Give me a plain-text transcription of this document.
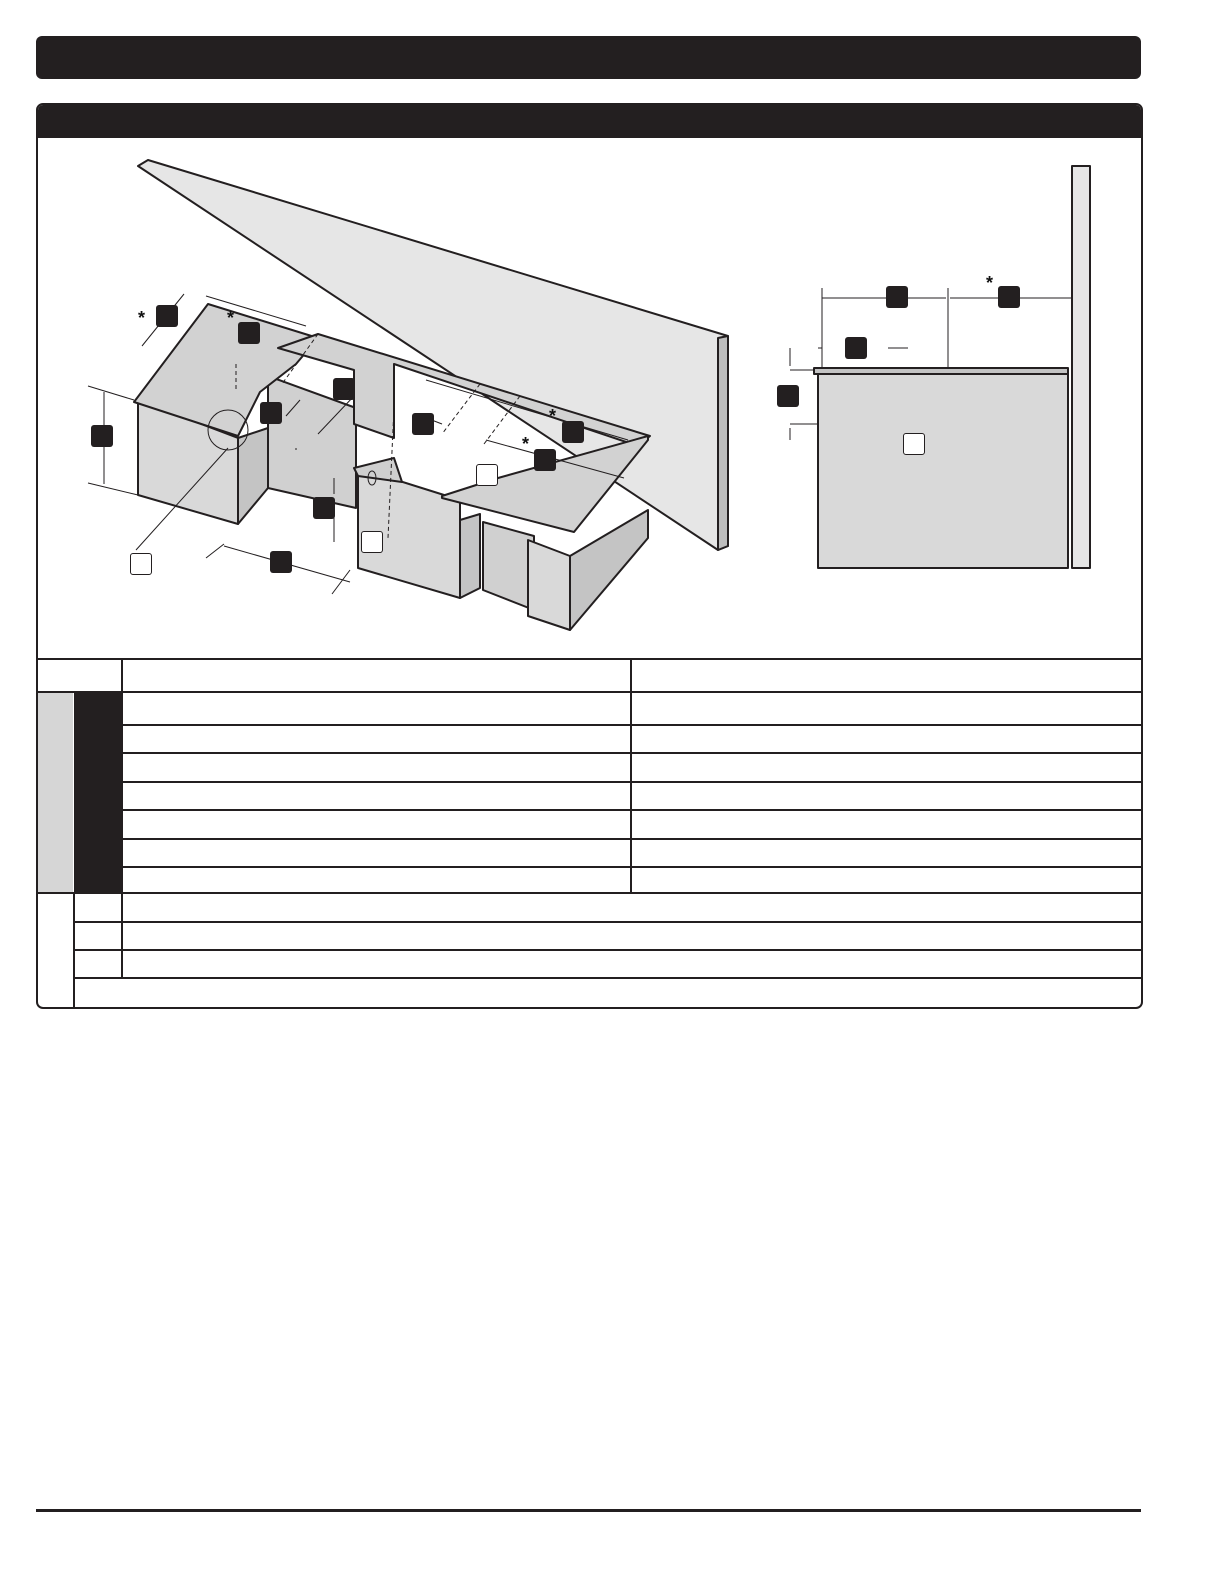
*	*
*
*
*
